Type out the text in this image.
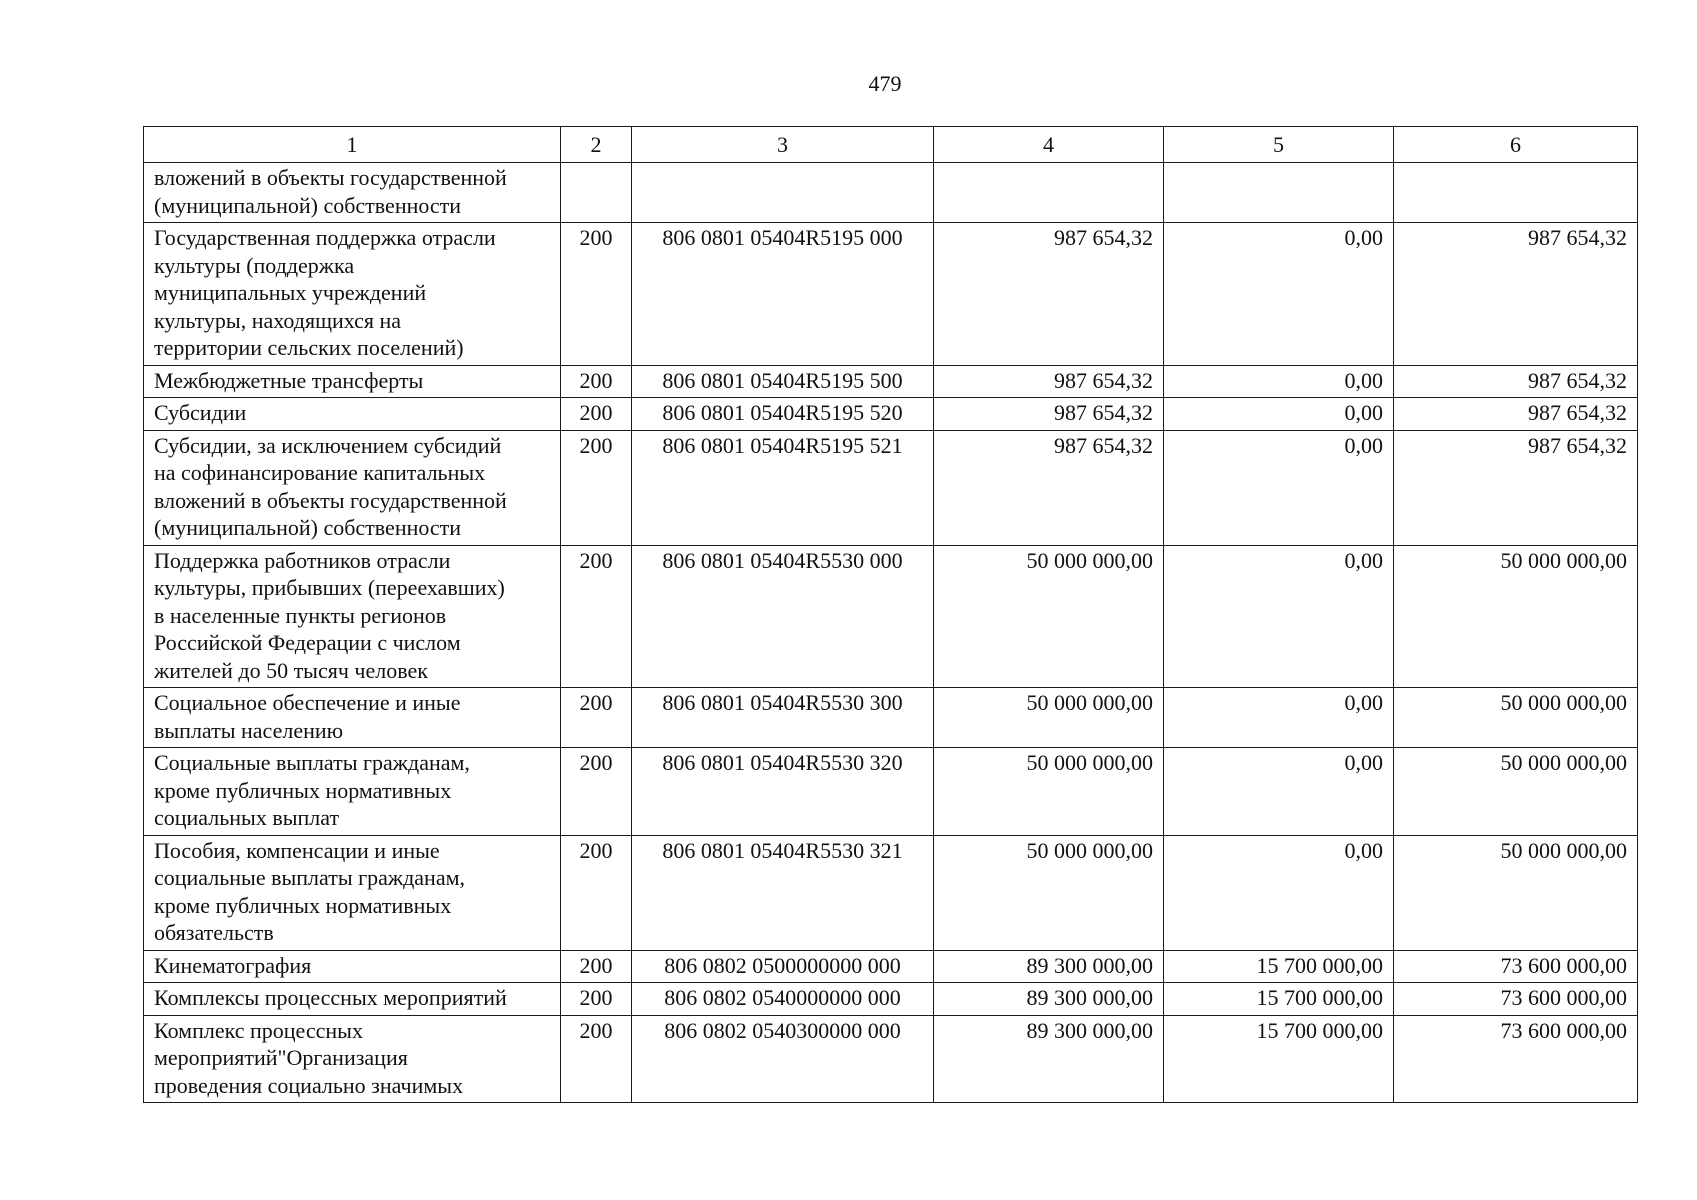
479
1	2	3	4	5	6

вложений в объекты государственной
(муниципальной) собственности					

Государственная поддержка отрасли
культуры (поддержка
муниципальных учреждений
культуры, находящихся на
территории сельских поселений)	200	806 0801 05404R5195 000	987 654,32	0,00	987 654,32

Межбюджетные трансферты	200	806 0801 05404R5195 500	987 654,32	0,00	987 654,32

Субсидии	200	806 0801 05404R5195 520	987 654,32	0,00	987 654,32

Субсидии, за исключением субсидий
на софинансирование капитальных
вложений в объекты государственной
(муниципальной) собственности	200	806 0801 05404R5195 521	987 654,32	0,00	987 654,32

Поддержка работников отрасли
культуры, прибывших (переехавших)
в населенные пункты регионов
Российской Федерации с числом
жителей до 50 тысяч человек	200	806 0801 05404R5530 000	50 000 000,00	0,00	50 000 000,00

Социальное обеспечение и иные
выплаты населению	200	806 0801 05404R5530 300	50 000 000,00	0,00	50 000 000,00

Социальные выплаты гражданам,
кроме публичных нормативных
социальных выплат	200	806 0801 05404R5530 320	50 000 000,00	0,00	50 000 000,00

Пособия, компенсации и иные
социальные выплаты гражданам,
кроме публичных нормативных
обязательств	200	806 0801 05404R5530 321	50 000 000,00	0,00	50 000 000,00

Кинематография	200	806 0802 0500000000 000	89 300 000,00	15 700 000,00	73 600 000,00

Комплексы процессных мероприятий	200	806 0802 0540000000 000	89 300 000,00	15 700 000,00	73 600 000,00

Комплекс процессных
мероприятий"Организация
проведения социально значимых	200	806 0802 0540300000 000	89 300 000,00	15 700 000,00	73 600 000,00
